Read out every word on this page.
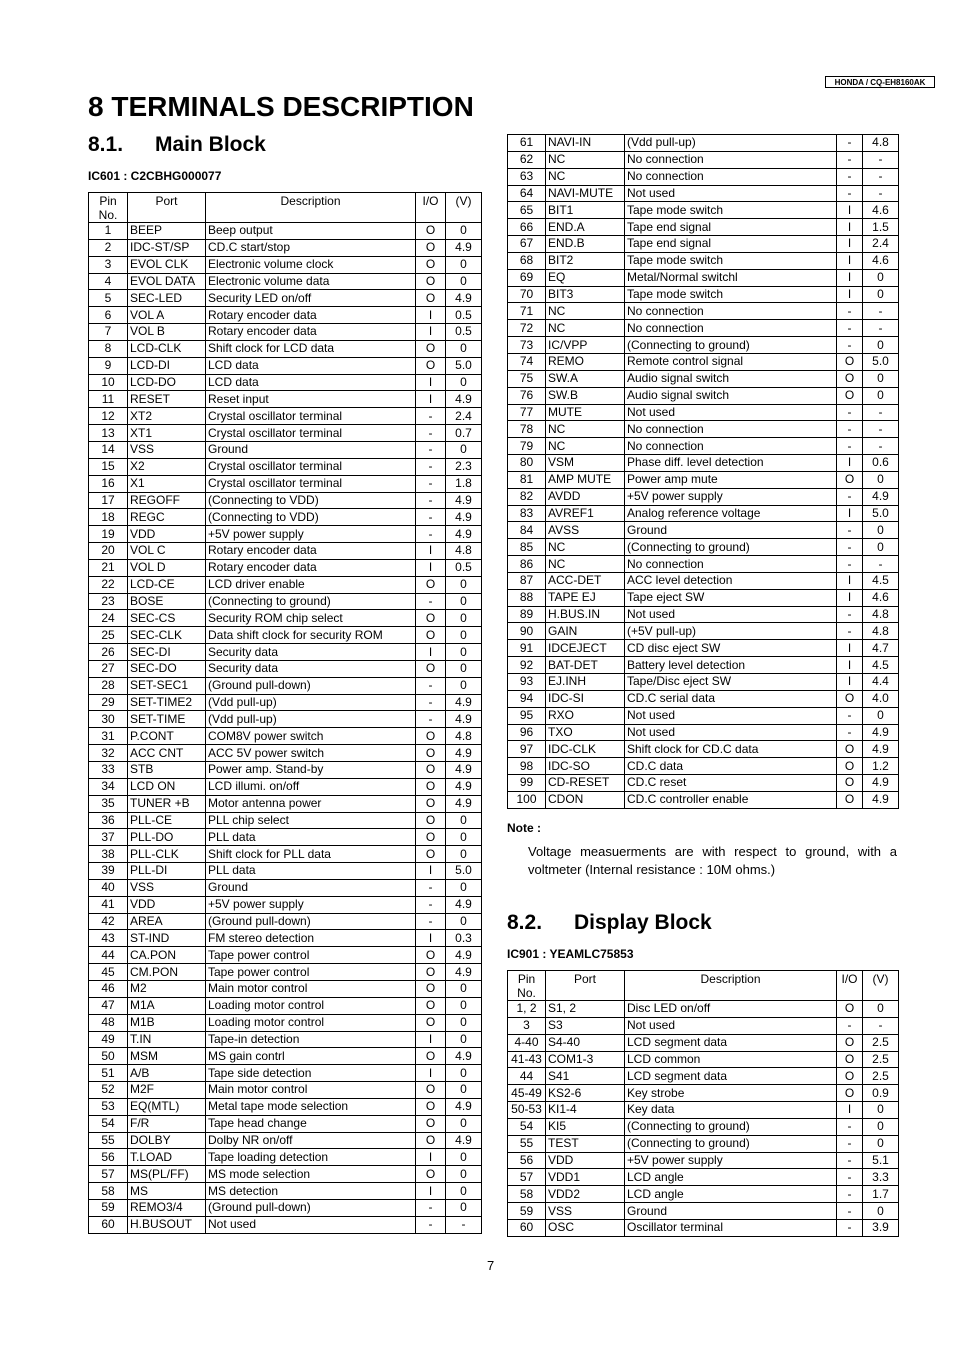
HONDA / CQ-EH8160AK
8 TERMINALS DESCRIPTION
8.1. Main Block

IC601 : C2CBHG000077

Pin No.	Port	Description	I/O	(V)
1	BEEP	Beep output	O	0
2	IDC-ST/SP	CD.C start/stop	O	4.9
3	EVOL CLK	Electronic volume clock	O	0
4	EVOL DATA	Electronic volume data	O	0
5	SEC-LED	Security LED on/off	O	4.9
6	VOL A	Rotary encoder data	I	0.5
7	VOL B	Rotary encoder data	I	0.5
8	LCD-CLK	Shift clock for LCD data	O	0
9	LCD-DI	LCD data	O	5.0
10	LCD-DO	LCD data	I	0
11	RESET	Reset input	I	4.9
12	XT2	Crystal oscillator terminal	-	2.4
13	XT1	Crystal oscillator terminal	-	0.7
14	VSS	Ground	-	0
15	X2	Crystal oscillator terminal	-	2.3
16	X1	Crystal oscillator terminal	-	1.8
17	REGOFF	(Connecting to VDD)	-	4.9
18	REGC	(Connecting to VDD)	-	4.9
19	VDD	+5V power supply	-	4.9
20	VOL C	Rotary encoder data	I	4.8
21	VOL D	Rotary encoder data	I	0.5
22	LCD-CE	LCD driver enable	O	0
23	BOSE	(Connecting to ground)	-	0
24	SEC-CS	Security ROM chip select	O	0
25	SEC-CLK	Data shift clock for security ROM	O	0
26	SEC-DI	Security data	I	0
27	SEC-DO	Security data	O	0
28	SET-SEC1	(Ground pull-down)	-	0
29	SET-TIME2	(Vdd pull-up)	-	4.9
30	SET-TIME	(Vdd pull-up)	-	4.9
31	P.CONT	COM8V power switch	O	4.8
32	ACC CNT	ACC 5V power switch	O	4.9
33	STB	Power amp. Stand-by	O	4.9
34	LCD ON	LCD illumi. on/off	O	4.9
35	TUNER +B	Motor antenna power	O	4.9
36	PLL-CE	PLL chip select	O	0
37	PLL-DO	PLL data	O	0
38	PLL-CLK	Shift clock for PLL data	O	0
39	PLL-DI	PLL data	I	5.0
40	VSS	Ground	-	0
41	VDD	+5V power supply	-	4.9
42	AREA	(Ground pull-down)	-	0
43	ST-IND	FM stereo detection	I	0.3
44	CA.PON	Tape power control	O	4.9
45	CM.PON	Tape power control	O	4.9
46	M2	Main motor control	O	0
47	M1A	Loading motor control	O	0
48	M1B	Loading motor control	O	0
49	T.IN	Tape-in detection	I	0
50	MSM	MS gain contrl	O	4.9
51	A/B	Tape side detection	I	0
52	M2F	Main motor control	O	0
53	EQ(MTL)	Metal tape mode selection	O	4.9
54	F/R	Tape head change	O	0
55	DOLBY	Dolby NR on/off	O	4.9
56	T.LOAD	Tape loading detection	I	0
57	MS(PL/FF)	MS mode selection	O	0
58	MS	MS detection	I	0
59	REMO3/4	(Ground pull-down)	-	0
60	H.BUSOUT	Not used	-	-
61	NAVI-IN	(Vdd pull-up)	-	4.8
62	NC	No connection	-	-
63	NC	No connection	-	-
64	NAVI-MUTE	Not used	-	-
65	BIT1	Tape mode switch	I	4.6
66	END.A	Tape end signal	I	1.5
67	END.B	Tape end signal	I	2.4
68	BIT2	Tape mode switch	I	4.6
69	EQ	Metal/Normal switchl	I	0
70	BIT3	Tape mode switch	I	0
71	NC	No connection	-	-
72	NC	No connection	-	-
73	IC/VPP	(Connecting to ground)	-	0
74	REMO	Remote control signal	O	5.0
75	SW.A	Audio signal switch	O	0
76	SW.B	Audio signal switch	O	0
77	MUTE	Not used	-	-
78	NC	No connection	-	-
79	NC	No connection	-	-
80	VSM	Phase diff. level detection	I	0.6
81	AMP MUTE	Power amp mute	O	0
82	AVDD	+5V power supply	-	4.9
83	AVREF1	Analog reference voltage	I	5.0
84	AVSS	Ground	-	0
85	NC	(Connecting to ground)	-	0
86	NC	No connection	-	-
87	ACC-DET	ACC level detection	I	4.5
88	TAPE EJ	Tape eject SW	I	4.6
89	H.BUS.IN	Not used	-	4.8
90	GAIN	(+5V pull-up)	-	4.8
91	IDCEJECT	CD disc eject SW	I	4.7
92	BAT-DET	Battery level detection	I	4.5
93	EJ.INH	Tape/Disc eject SW	I	4.4
94	IDC-SI	CD.C serial data	O	4.0
95	RXO	Not used	-	0
96	TXO	Not used	-	4.9
97	IDC-CLK	Shift clock for CD.C data	O	4.9
98	IDC-SO	CD.C data	O	1.2
99	CD-RESET	CD.C reset	O	4.9
100	CDON	CD.C controller enable	O	4.9

Note :

Voltage measuerments are with respect to ground, with a voltmeter (Internal resistance : 10M ohms.)

8.2. Display Block

IC901 : YEAMLC75853

Pin No.	Port	Description	I/O	(V)
1, 2	S1, 2	Disc LED on/off	O	0
3	S3	Not used	-	-
4-40	S4-40	LCD segment data	O	2.5
41-43	COM1-3	LCD common	O	2.5
44	S41	LCD segment data	O	2.5
45-49	KS2-6	Key strobe	O	0.9
50-53	KI1-4	Key data	I	0
54	KI5	(Connecting to ground)	-	0
55	TEST	(Connecting to ground)	-	0
56	VDD	+5V power supply	-	5.1
57	VDD1	LCD angle	-	3.3
58	VDD2	LCD angle	-	1.7
59	VSS	Ground	-	0
60	OSC	Oscillator terminal	-	3.9
7
